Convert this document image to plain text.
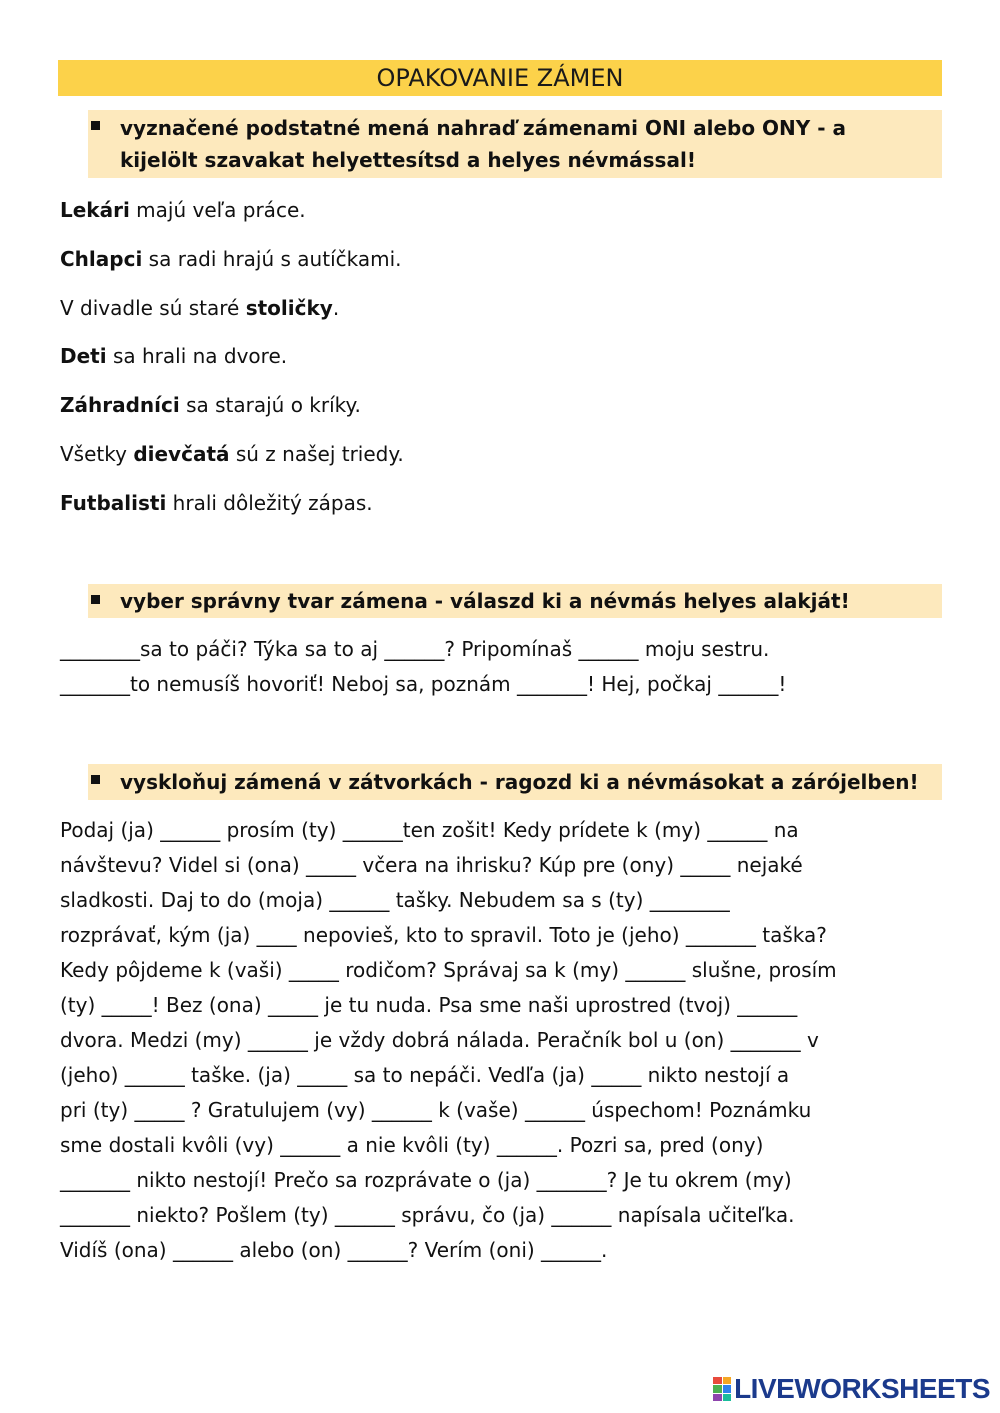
OPAKOVANIE ZÁMEN
vyznačené podstatné mená nahraď zámenami ONI alebo ONY - a
kijelölt szavakat helyettesítsd a helyes névmással!
Lekári majú veľa práce.
Chlapci sa radi hrajú s autíčkami.
V divadle sú staré stoličky.
Deti sa hrali na dvore.
Záhradníci sa starajú o kríky.
Všetky dievčatá sú z našej triedy.
Futbalisti hrali dôležitý zápas.
vyber správny tvar zámena - válaszd ki a névmás helyes alakját!
________sa to páči? Týka sa to aj ______? Pripomínaš ______ moju sestru.
_______to nemusíš hovoriť! Neboj sa, poznám _______! Hej, počkaj ______!
vyskloňuj zámená v zátvorkách - ragozd ki a névmásokat a zárójelben!
Podaj (ja) ______ prosím (ty) ______ten zošit! Kedy prídete k (my) ______ na
návštevu? Videl si (ona) _____ včera na ihrisku? Kúp pre (ony) _____ nejaké
sladkosti. Daj to do (moja) ______ tašky. Nebudem sa s (ty) ________
rozprávať, kým (ja) ____ nepovieš, kto to spravil. Toto je (jeho) _______ taška?
Kedy pôjdeme k (vaši) _____ rodičom? Správaj sa k (my) ______ slušne, prosím
(ty) _____! Bez (ona) _____ je tu nuda. Psa sme naši uprostred (tvoj) ______
dvora. Medzi (my) ______ je vždy dobrá nálada. Peračník bol u (on) _______ v
(jeho) ______ taške. (ja) _____ sa to nepáči. Vedľa (ja) _____ nikto nestojí a
pri (ty) _____ ? Gratulujem (vy) ______ k (vaše) ______ úspechom! Poznámku
sme dostali kvôli (vy) ______ a nie kvôli (ty) ______. Pozri sa, pred (ony)
_______ nikto nestojí! Prečo sa rozprávate o (ja) _______? Je tu okrem (my)
_______ niekto? Pošlem (ty) ______ správu, čo (ja) ______ napísala učiteľka.
Vidíš (ona) ______ alebo (on) ______? Verím (oni) ______.
LIVEWORKSHEETS
